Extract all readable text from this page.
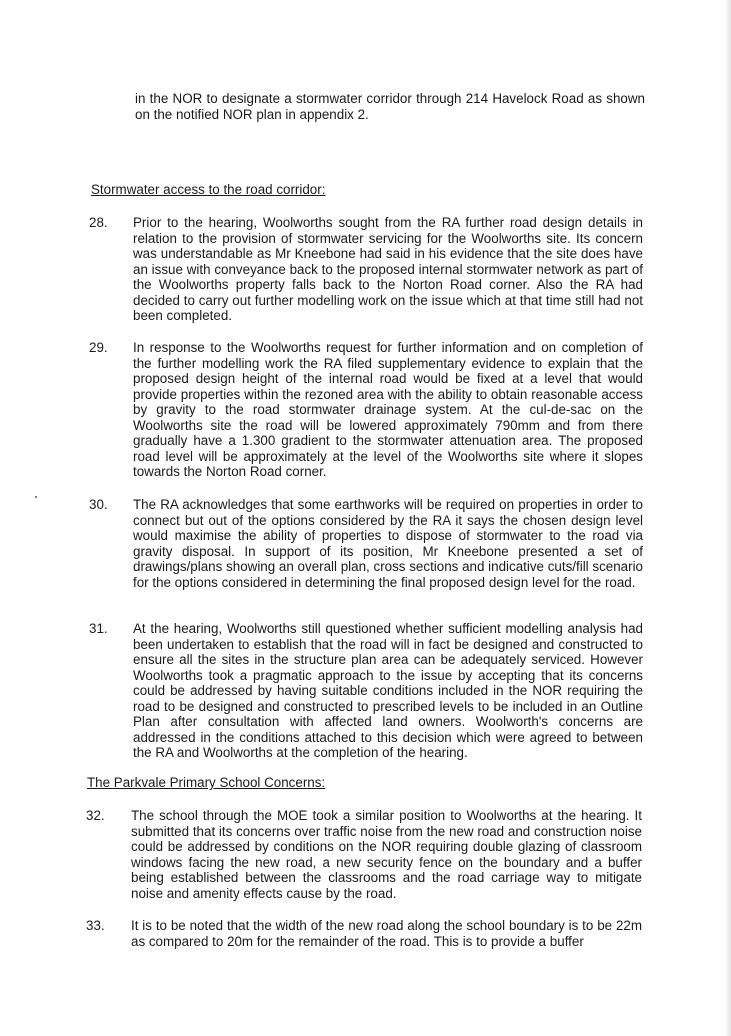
in the NOR to designate a stormwater corridor through 214 Havelock Road as shown on the notified NOR plan in appendix 2.
Stormwater access to the road corridor:
28. Prior to the hearing, Woolworths sought from the RA further road design details in relation to the provision of stormwater servicing for the Woolworths site. Its concern was understandable as Mr Kneebone had said in his evidence that the site does have an issue with conveyance back to the proposed internal stormwater network as part of the Woolworths property falls back to the Norton Road corner. Also the RA had decided to carry out further modelling work on the issue which at that time still had not been completed.
29. In response to the Woolworths request for further information and on completion of the further modelling work the RA filed supplementary evidence to explain that the proposed design height of the internal road would be fixed at a level that would provide properties within the rezoned area with the ability to obtain reasonable access by gravity to the road stormwater drainage system. At the cul-de-sac on the Woolworths site the road will be lowered approximately 790mm and from there gradually have a 1.300 gradient to the stormwater attenuation area. The proposed road level will be approximately at the level of the Woolworths site where it slopes towards the Norton Road corner.
30. The RA acknowledges that some earthworks will be required on properties in order to connect but out of the options considered by the RA it says the chosen design level would maximise the ability of properties to dispose of stormwater to the road via gravity disposal. In support of its position, Mr Kneebone presented a set of drawings/plans showing an overall plan, cross sections and indicative cuts/fill scenario for the options considered in determining the final proposed design level for the road.
31. At the hearing, Woolworths still questioned whether sufficient modelling analysis had been undertaken to establish that the road will in fact be designed and constructed to ensure all the sites in the structure plan area can be adequately serviced. However Woolworths took a pragmatic approach to the issue by accepting that its concerns could be addressed by having suitable conditions included in the NOR requiring the road to be designed and constructed to prescribed levels to be included in an Outline Plan after consultation with affected land owners. Woolworth's concerns are addressed in the conditions attached to this decision which were agreed to between the RA and Woolworths at the completion of the hearing.
The Parkvale Primary School Concerns:
32. The school through the MOE took a similar position to Woolworths at the hearing. It submitted that its concerns over traffic noise from the new road and construction noise could be addressed by conditions on the NOR requiring double glazing of classroom windows facing the new road, a new security fence on the boundary and a buffer being established between the classrooms and the road carriage way to mitigate noise and amenity effects cause by the road.
33. It is to be noted that the width of the new road along the school boundary is to be 22m as compared to 20m for the remainder of the road. This is to provide a buffer
